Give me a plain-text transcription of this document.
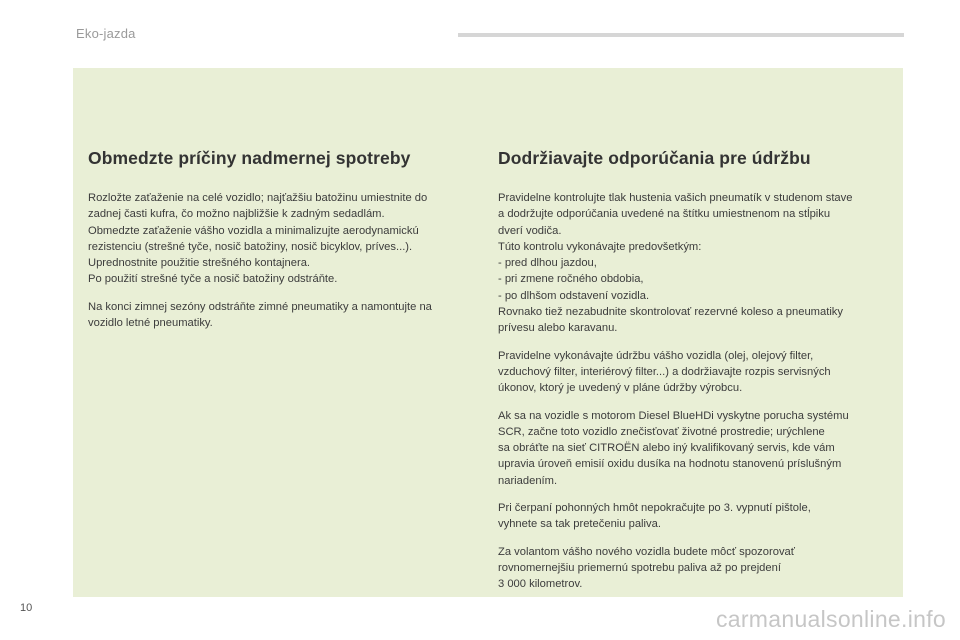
Eko-jazda
Obmedzte príčiny nadmernej spotreby

Rozložte zaťaženie na celé vozidlo; najťažšiu batožinu umiestnite do
zadnej časti kufra, čo možno najbližšie k zadným sedadlám.
Obmedzte zaťaženie vášho vozidla a minimalizujte aerodynamickú
rezistenciu (strešné tyče, nosič batožiny, nosič bicyklov, príves...).
Uprednostnite použitie strešného kontajnera.
Po použití strešné tyče a nosič batožiny odstráňte.

Na konci zimnej sezóny odstráňte zimné pneumatiky a namontujte na
vozidlo letné pneumatiky.

Dodržiavajte odporúčania pre údržbu

Pravidelne kontrolujte tlak hustenia vašich pneumatík v studenom stave
a dodržujte odporúčania uvedené na štítku umiestnenom na stĺpiku
dverí vodiča.
Túto kontrolu vykonávajte predovšetkým:
- pred dlhou jazdou,
- pri zmene ročného obdobia,
- po dlhšom odstavení vozidla.
Rovnako tiež nezabudnite skontrolovať rezervné koleso a pneumatiky
prívesu alebo karavanu.

Pravidelne vykonávajte údržbu vášho vozidla (olej, olejový filter,
vzduchový filter, interiérový filter...) a dodržiavajte rozpis servisných
úkonov, ktorý je uvedený v pláne údržby výrobcu.

Ak sa na vozidle s motorom Diesel BlueHDi vyskytne porucha systému
SCR, začne toto vozidlo znečisťovať životné prostredie; urýchlene
sa obráťte na sieť CITROËN alebo iný kvalifikovaný servis, kde vám
upravia úroveň emisií oxidu dusíka na hodnotu stanovenú príslušným
nariadením.

Pri čerpaní pohonných hmôt nepokračujte po 3. vypnutí pištole,
vyhnete sa tak pretečeniu paliva.

Za volantom vášho nového vozidla budete môcť spozorovať
rovnomernejšiu priemernú spotrebu paliva až po prejdení
3 000 kilometrov.

10	carmanualsonline.info
